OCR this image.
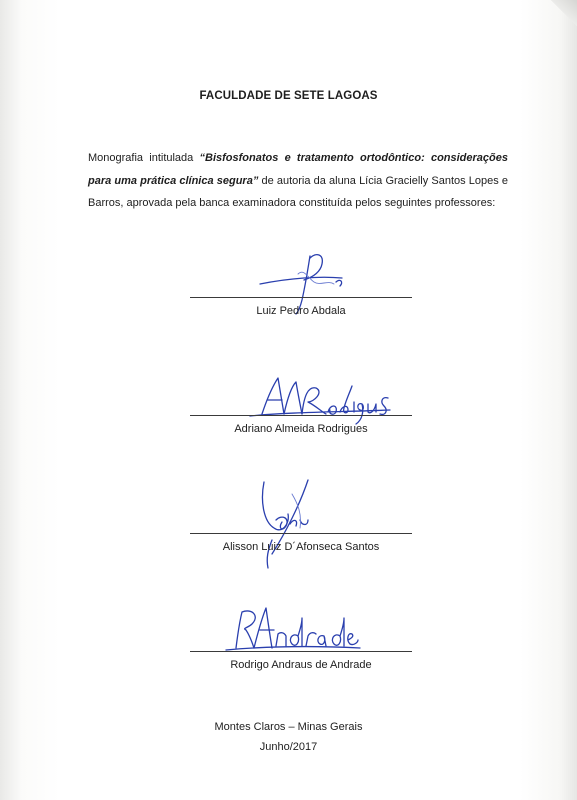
FACULDADE DE SETE LAGOAS
Monografia intitulada “Bisfosfonatos e tratamento ortodôntico: considerações para uma prática clínica segura” de autoria da aluna Lícia Gracielly Santos Lopes e Barros, aprovada pela banca examinadora constituída pelos seguintes professores:
Luiz Pedro Abdala
Adriano Almeida Rodrigues
Alisson Luiz D´Afonseca Santos
Rodrigo Andraus de Andrade
Montes Claros – Minas Gerais
Junho/2017
